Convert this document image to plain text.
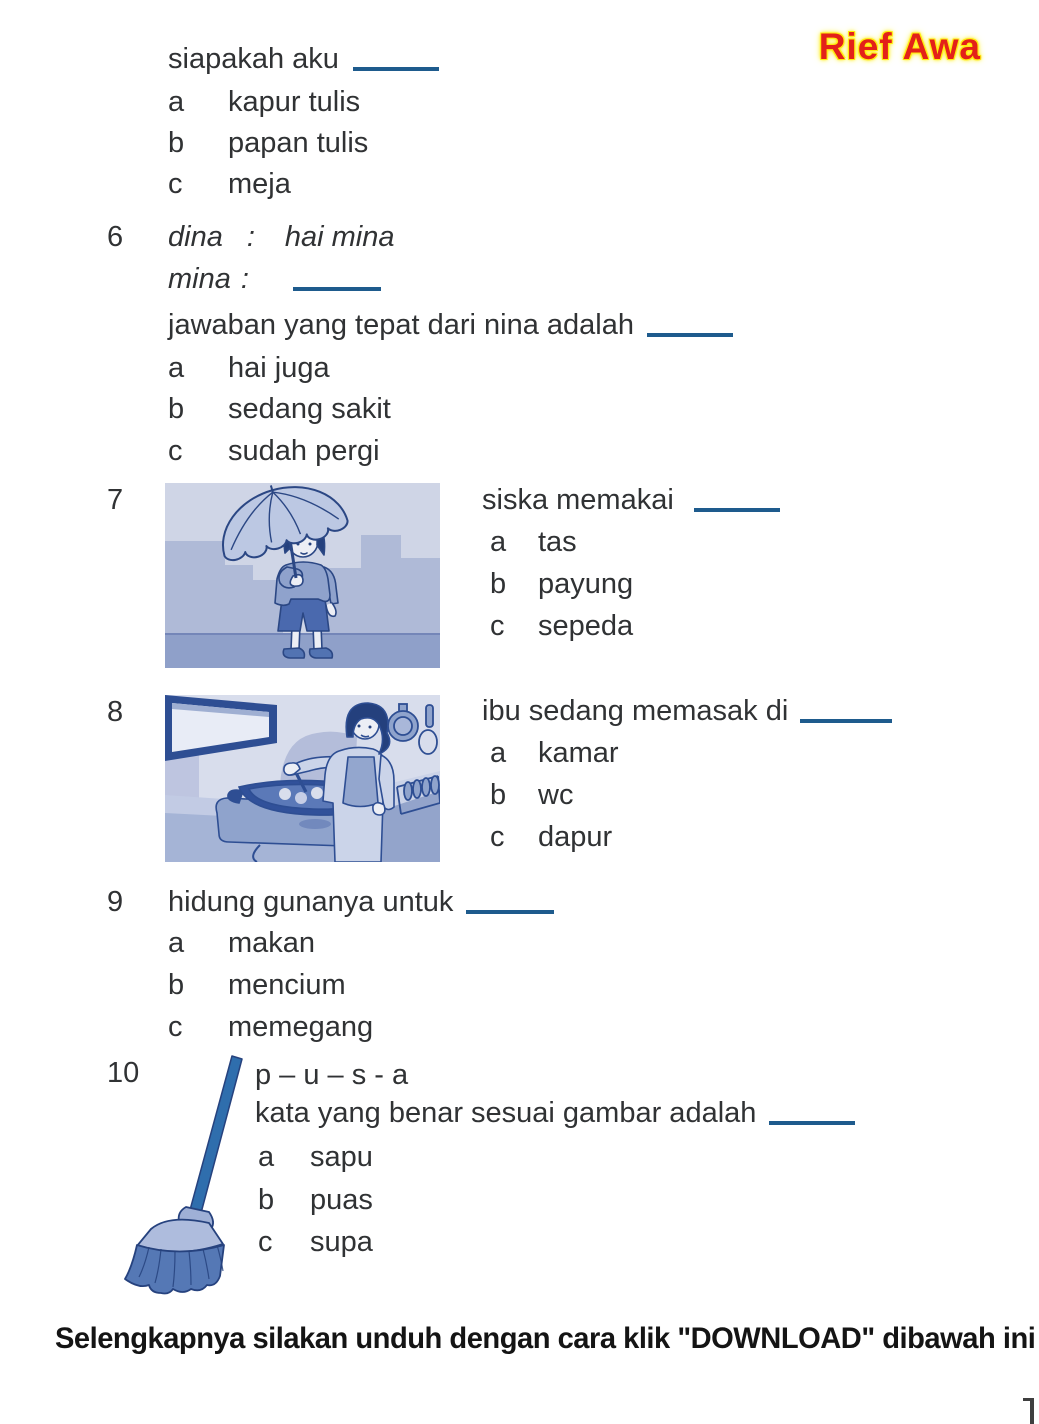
Rief Awa
siapakah aku
a kapur tulis
b papan tulis
c meja
6 dina : hai mina
mina :
jawaban yang tepat dari nina adalah
a hai juga
b sedang sakit
c sudah pergi
7	siska memakai
a tas
b payung
c sepeda
8	ibu sedang memasak di
a kamar
b wc
c dapur
9 hidung gunanya untuk
a makan
b mencium
c memegang
10	p – u – s - a
kata yang benar sesuai gambar adalah
a sapu
b puas
c supa
Selengkapnya silakan unduh dengan cara klik "DOWNLOAD" dibawah ini
